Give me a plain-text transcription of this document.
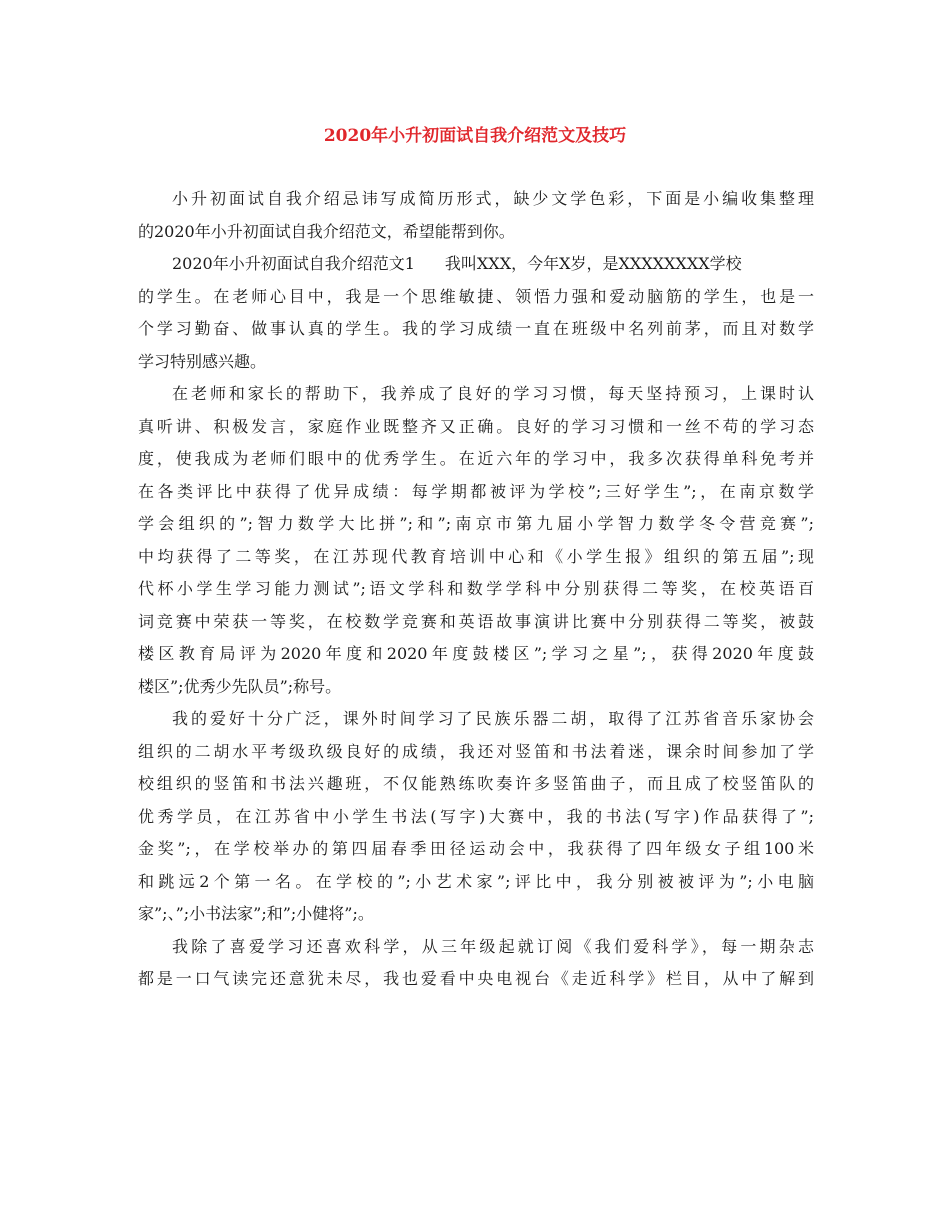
2020年小升初面试自我介绍范文及技巧
小升初面试自我介绍忌讳写成简历形式，缺少文学色彩，下面是小编收集整理
的2020年小升初面试自我介绍范文，希望能帮到你。
2020年小升初面试自我介绍范文1 我叫XXX，今年X岁，是XXXXXXXX学校
的学生。在老师心目中，我是一个思维敏捷、领悟力强和爱动脑筋的学生，也是一
个学习勤奋、做事认真的学生。我的学习成绩一直在班级中名列前茅，而且对数学
学习特别感兴趣。
在老师和家长的帮助下，我养成了良好的学习习惯，每天坚持预习，上课时认
真听讲、积极发言，家庭作业既整齐又正确。良好的学习习惯和一丝不苟的学习态
度，使我成为老师们眼中的优秀学生。在近六年的学习中，我多次获得单科免考并
在各类评比中获得了优异成绩：每学期都被评为学校”;三好学生”;，在南京数学
学会组织的”;智力数学大比拼”;和”;南京市第九届小学智力数学冬令营竞赛”;
中均获得了二等奖，在江苏现代教育培训中心和《小学生报》组织的第五届”;现
代杯小学生学习能力测试”;语文学科和数学学科中分别获得二等奖，在校英语百
词竞赛中荣获一等奖，在校数学竞赛和英语故事演讲比赛中分别获得二等奖，被鼓
楼区教育局评为2020年度和2020年度鼓楼区”;学习之星”;，获得2020年度鼓
楼区”;优秀少先队员”;称号。
我的爱好十分广泛，课外时间学习了民族乐器二胡，取得了江苏省音乐家协会
组织的二胡水平考级玖级良好的成绩，我还对竖笛和书法着迷，课余时间参加了学
校组织的竖笛和书法兴趣班，不仅能熟练吹奏许多竖笛曲子，而且成了校竖笛队的
优秀学员，在江苏省中小学生书法(写字)大赛中，我的书法(写字)作品获得了”;
金奖”;，在学校举办的第四届春季田径运动会中，我获得了四年级女子组100米
和跳远2个第一名。在学校的”;小艺术家”;评比中，我分别被被评为”;小电脑
家”;、”;小书法家”;和”;小健将”;。
我除了喜爱学习还喜欢科学，从三年级起就订阅《我们爱科学》，每一期杂志
都是一口气读完还意犹未尽，我也爱看中央电视台《走近科学》栏目，从中了解到
